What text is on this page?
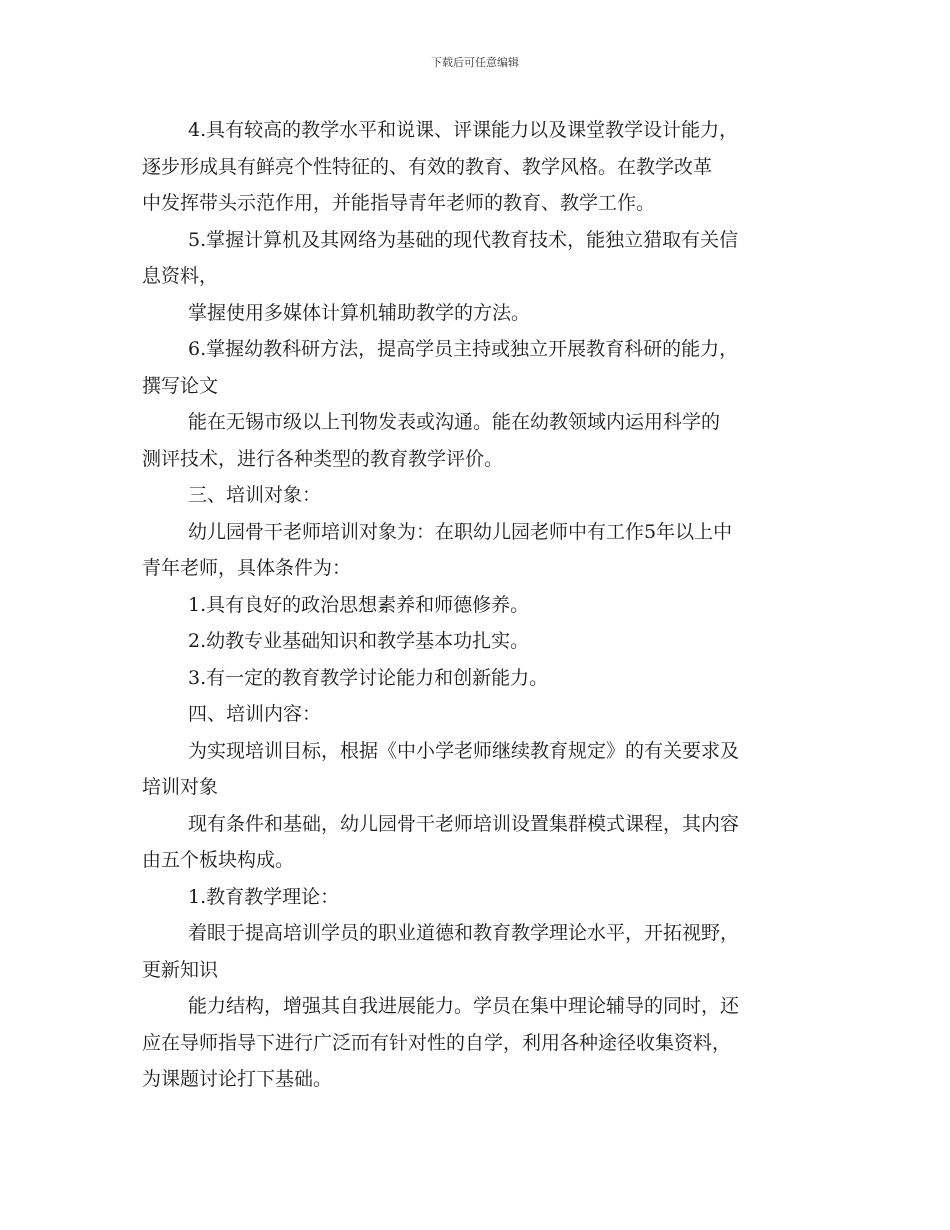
下载后可任意编辑
4.具有较高的教学水平和说课、评课能力以及课堂教学设计能力，
逐步形成具有鲜亮个性特征的、有效的教育、教学风格。在教学改革
中发挥带头示范作用，并能指导青年老师的教育、教学工作。
5.掌握计算机及其网络为基础的现代教育技术，能独立猎取有关信
息资料，
掌握使用多媒体计算机辅助教学的方法。
6.掌握幼教科研方法，提高学员主持或独立开展教育科研的能力，
撰写论文
能在无锡市级以上刊物发表或沟通。能在幼教领域内运用科学的
测评技术，进行各种类型的教育教学评价。
三、培训对象：
幼儿园骨干老师培训对象为：在职幼儿园老师中有工作5年以上中
青年老师，具体条件为：
1.具有良好的政治思想素养和师德修养。
2.幼教专业基础知识和教学基本功扎实。
3.有一定的教育教学讨论能力和创新能力。
四、培训内容：
为实现培训目标，根据《中小学老师继续教育规定》的有关要求及
培训对象
现有条件和基础，幼儿园骨干老师培训设置集群模式课程，其内容
由五个板块构成。
1.教育教学理论：
着眼于提高培训学员的职业道德和教育教学理论水平，开拓视野，
更新知识
能力结构，增强其自我进展能力。学员在集中理论辅导的同时，还
应在导师指导下进行广泛而有针对性的自学，利用各种途径收集资料，
为课题讨论打下基础。
